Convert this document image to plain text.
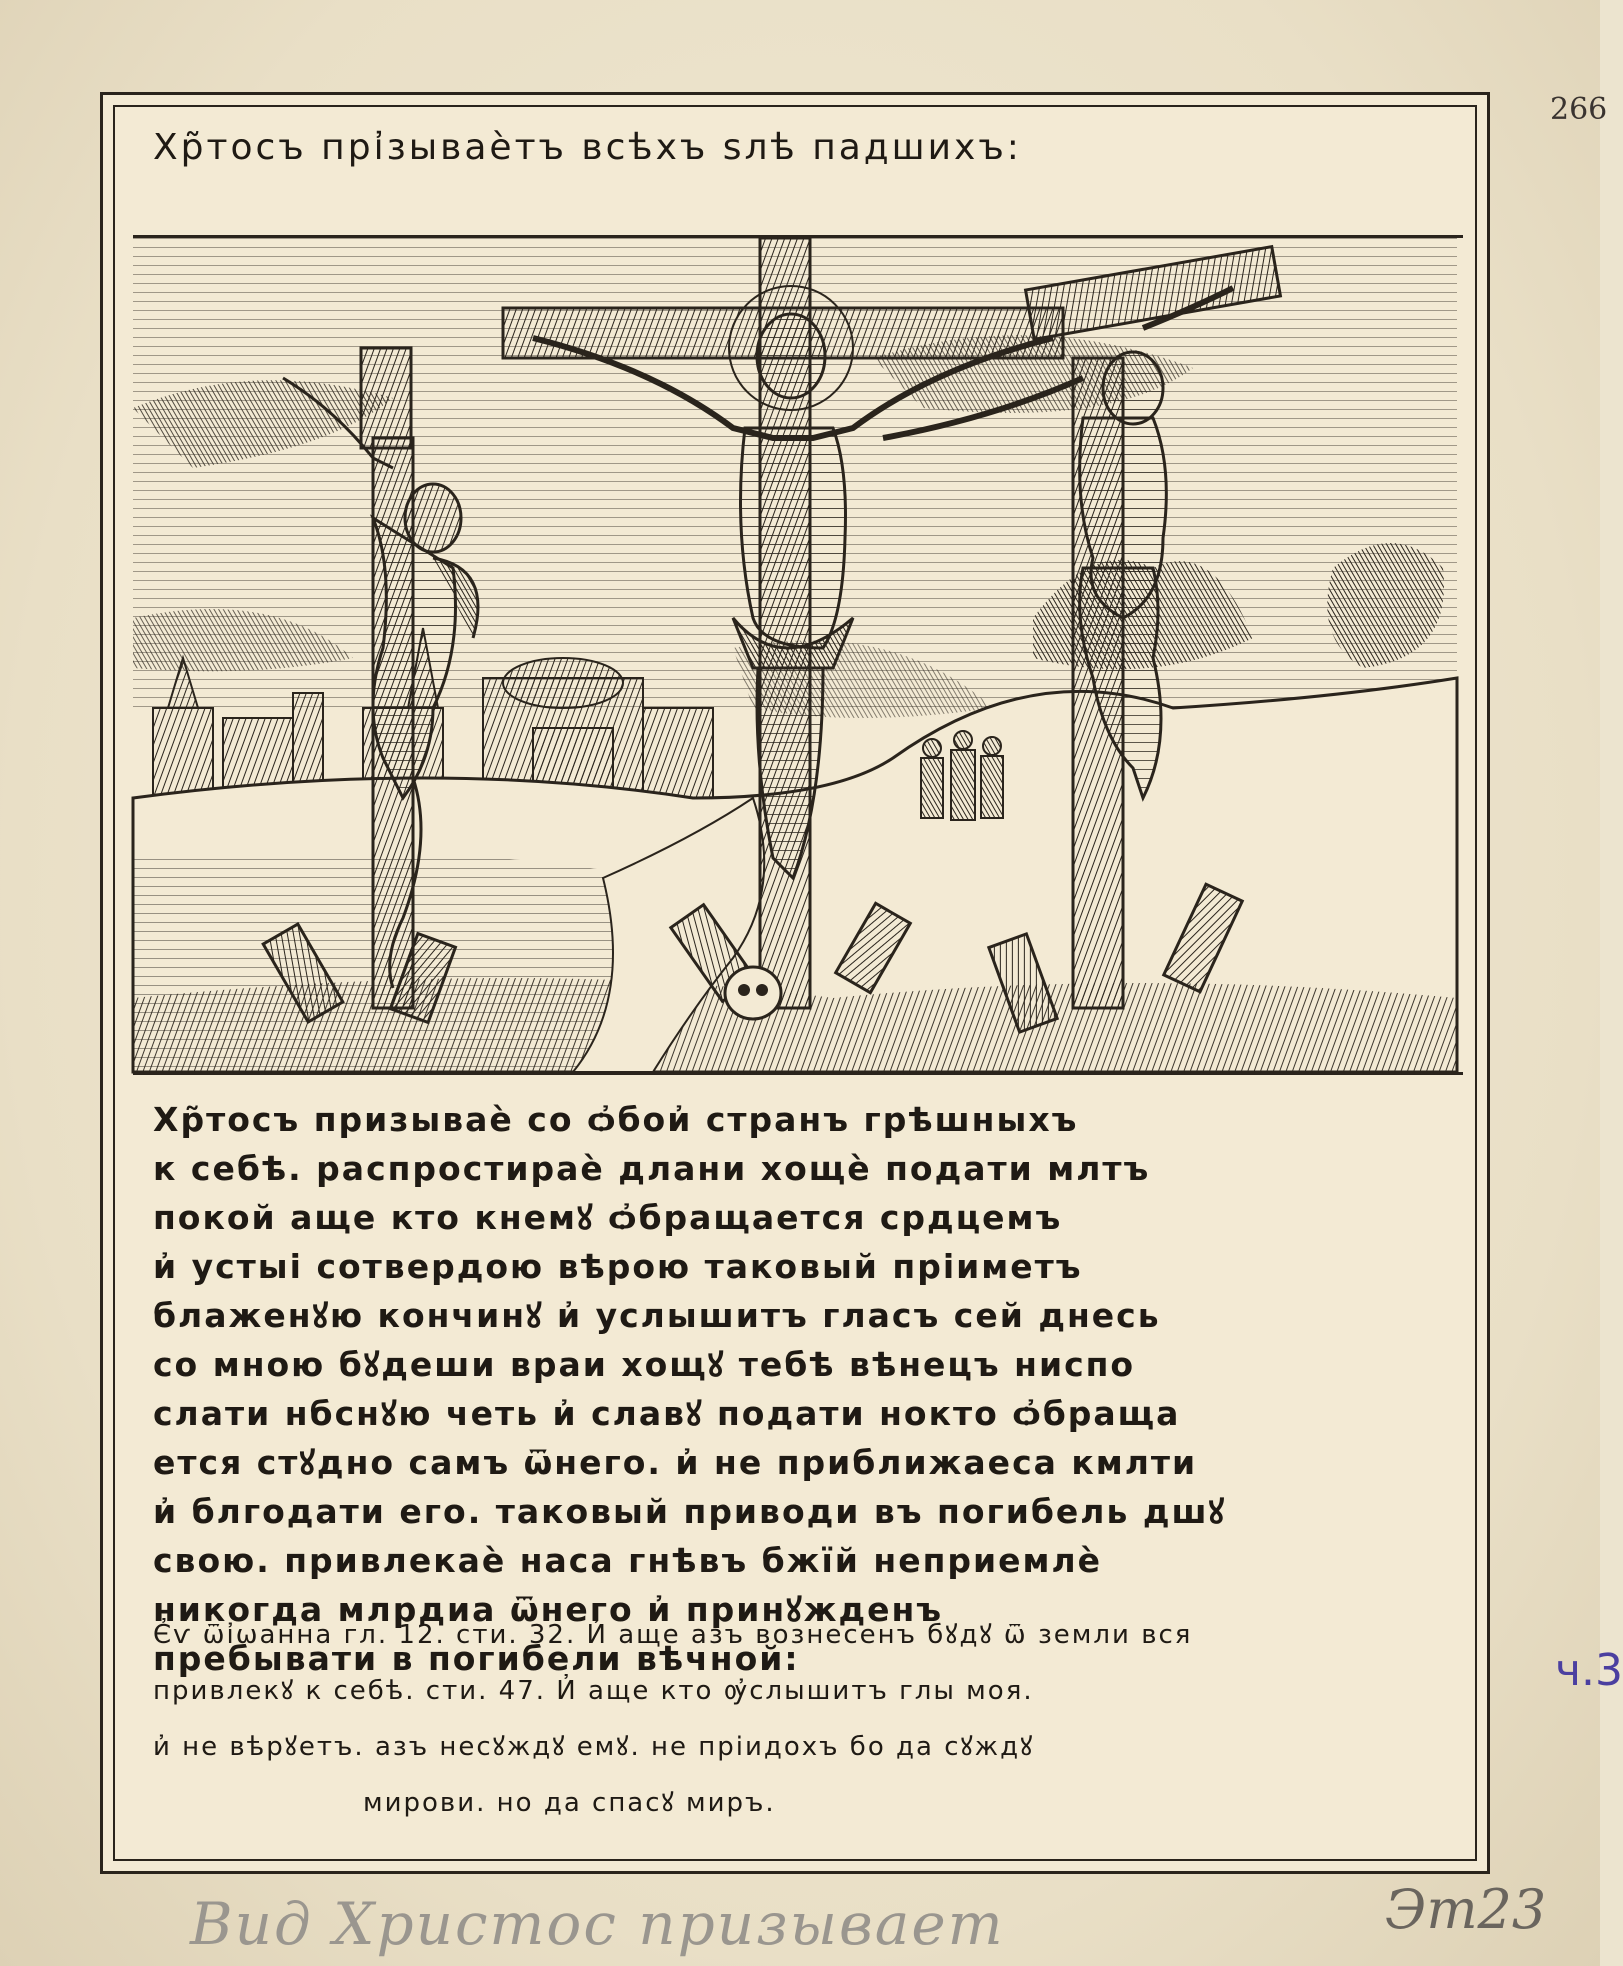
266
Хр̃тосъ прі҆зываѐтъ всѣхъ ѕлѣ падшихъ:
Хр̃тосъ призываѐ со ѻ҆бои҆ странъ грѣшныхъ
к себѣ. распростираѐ длани хощѐ подати млтъ
покой аще кто кнемꙋ ѻ҆бращается срдцемъ
и҆ устыі сотвердою вѣрою таковый пріиметъ
блаженꙋю кончинꙋ и҆ услышитъ гласъ сей днесь
со мною бꙋдеши враи хощꙋ тебѣ вѣнецъ ниспо
слати нбснꙋю четь и҆ славꙋ подати нокто ѻ҆браща
ется стꙋдно самъ ѿнего. и҆ не приближаеса кмлти
и҆ блгодати его. таковый приводи въ погибель дшꙋ
свою. привлекаѐ наса гнѣвъ бжїй неприемлѐ
никогда млрдиа ѿнего и҆ принꙋжденъ
пребывати в погибели вѣчной:
Є҆ѵ ѿі҆ѡанна гл. 12. сти. 32. И҆ аще азъ вознесенъ бꙋдꙋ ѿ земли вся
привлекꙋ к себѣ. сти. 47. И҆ аще кто ѹ҆слышитъ глы моя.
и҆ не вѣрꙋетъ. азъ несꙋждꙋ емꙋ. не пріидохъ бо да сꙋждꙋ
мирови. но да спасꙋ миръ.
ч.3
Вид Христос призывает	Эт23
